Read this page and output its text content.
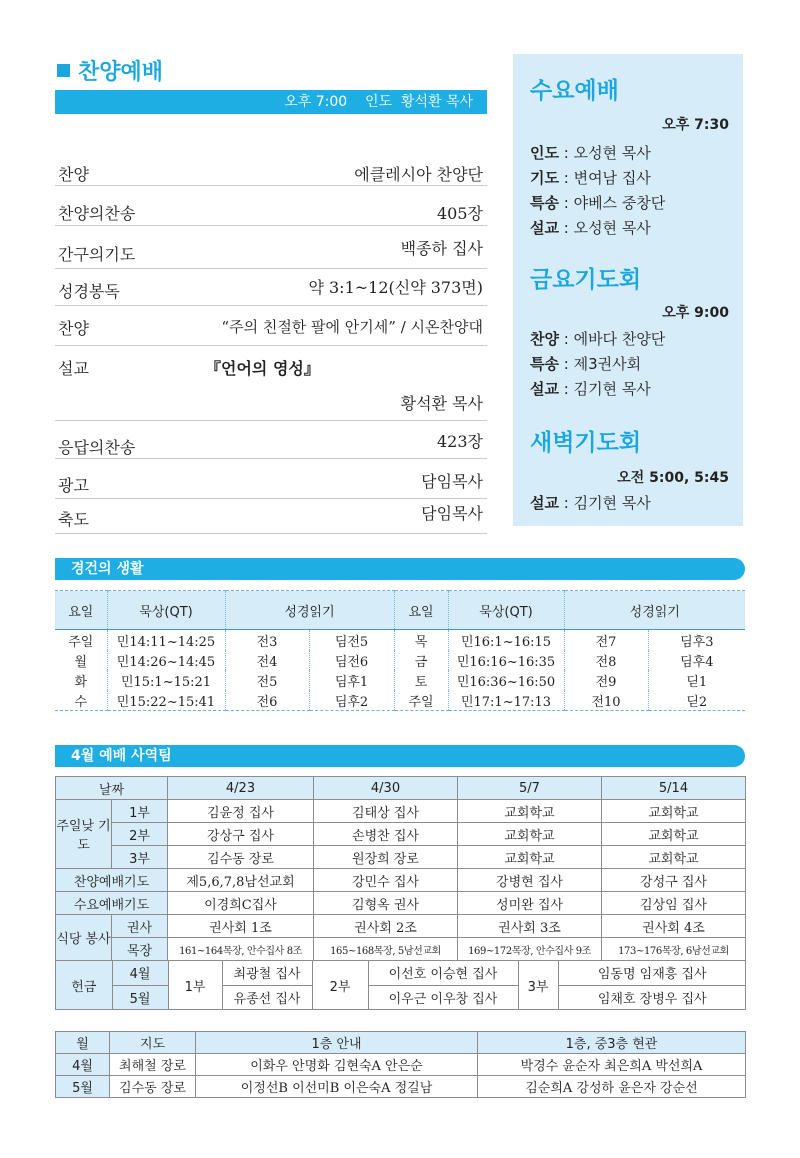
찬양예배
오후 7:00    인도  황석환 목사
찬양	에클레시아 찬양단
찬양의찬송	405장
간구의기도	백종하 집사
성경봉독	약 3:1~12(신약 373면)
찬양	“주의 친절한 팔에 안기세” / 시온찬양대
설교	『언어의 영성』
황석환 목사
응답의찬송	423장
광고	담임목사
축도	담임목사
수요예배
오후 7:30
인도 : 오성현 목사
기도 : 변여남 집사
특송 : 야베스 중창단
설교 : 오성현 목사
금요기도회
오후 9:00
찬양 : 에바다 찬양단
특송 : 제3권사회
설교 : 김기현 목사
새벽기도회
오전 5:00, 5:45
설교 : 김기현 목사
경건의 생활
요일	묵상(QT)	성경읽기		요일	묵상(QT)	성경읽기	
주일	민14:11~14:25	전3	딤전5	목	민16:1~16:15	전7	딤후3
월	민14:26~14:45	전4	딤전6	금	민16:16~16:35	전8	딤후4
화	민15:1~15:21	전5	딤후1	토	민16:36~16:50	전9	딛1
수	민15:22~15:41	전6	딤후2	주일	민17:1~17:13	전10	딛2
4월 예배 사역팀
날짜	4/23	4/30	5/7	5/14
주일낮 기도	1부	김윤정 집사	김태상 집사	교회학교	교회학교
2부	강상구 집사	손병찬 집사	교회학교	교회학교
3부	김수동 장로	원장희 장로	교회학교	교회학교
찬양예배기도	제5,6,7,8남선교회	강민수 집사	강병현 집사	강성구 집사
수요예배기도	이경희C집사	김형옥 권사	성미완 집사	김상임 집사
식당 봉사	권사	권사회 1조	권사회 2조	권사회 3조	권사회 4조
목장	161~164목장, 안수집사 8조	165~168목장, 5남선교회	169~172목장, 안수집사 9조	173~176목장, 6남선교회

헌금	4월	1부	최광철 집사	2부	이선호 이승현 집사	3부	임동명 임재흥 집사
5월	유종선 집사	이우근 이우창 집사	임채호 장병우 집사
월	지도	1층 안내	1층, 중3층 현관
4월	최해철 장로	이화우 안명화 김현숙A 안은순	박경수 윤순자 최은희A 박선희A
5월	김수동 장로	이정선B 이선미B 이은숙A 정길남	김순희A 강성하 윤은자 강순선
